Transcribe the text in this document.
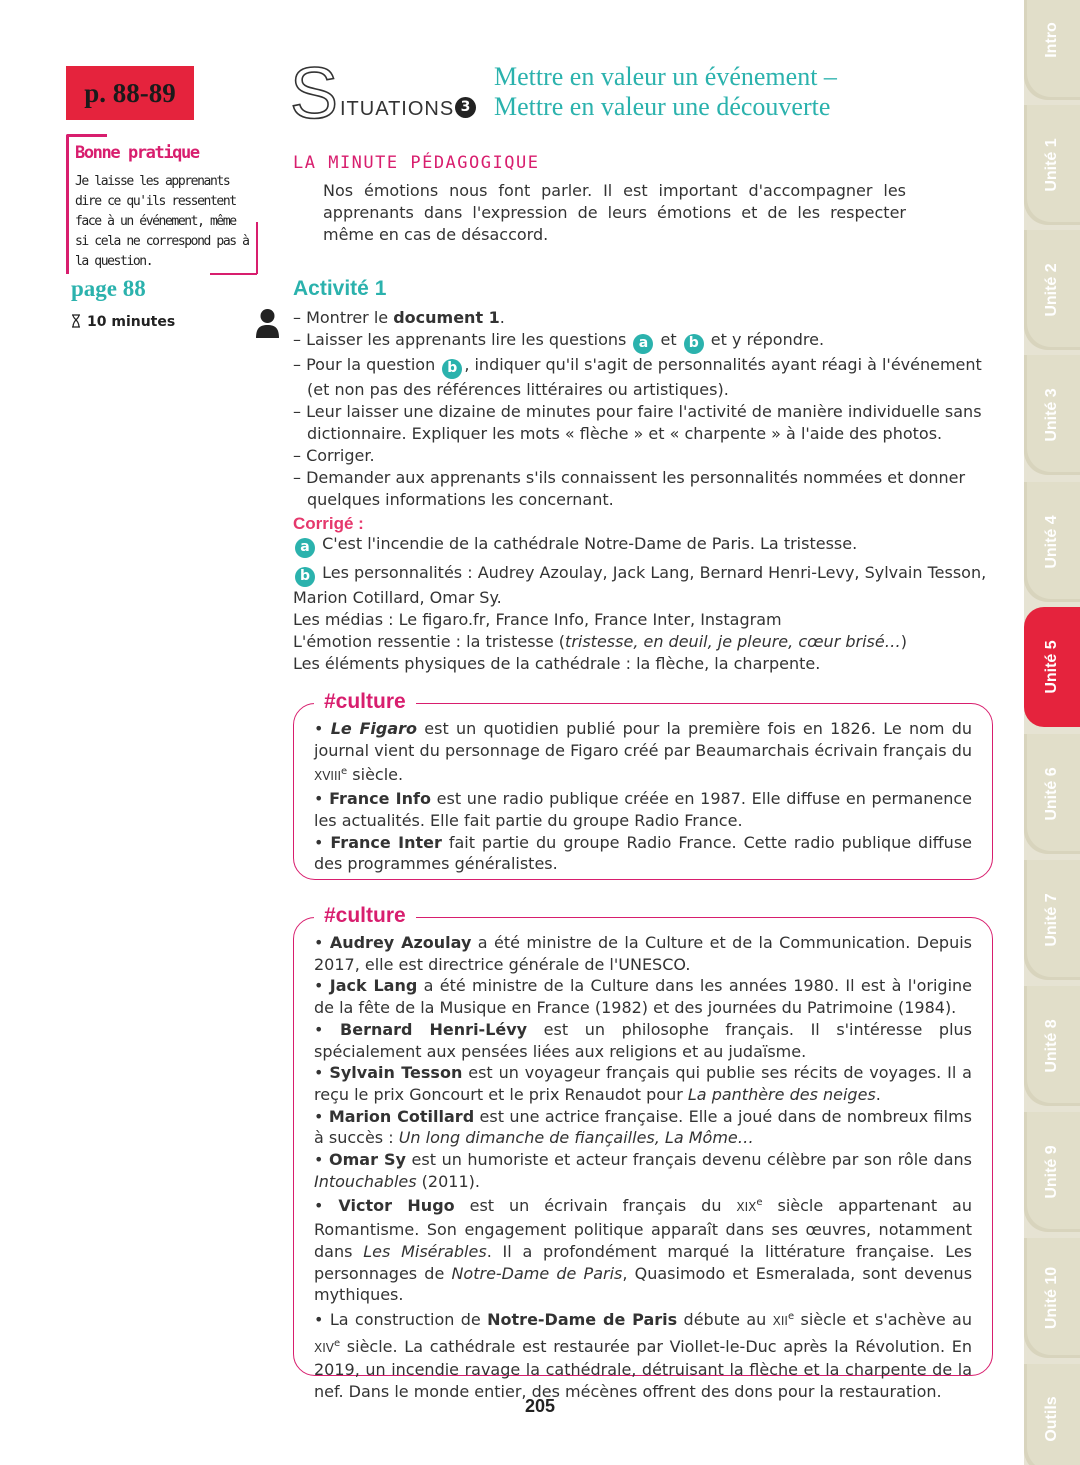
Intro
Unité 1
Unité 2
Unité 3
Unité 4
Unité 5
Unité 6
Unité 7
Unité 8
Unité 9
Unité 10
Outils
p. 88-89
Bonne pratique
Je laisse les apprenants dire ce qu'ils ressentent face à un événement, même si cela ne correspond pas à la question.
page 88
10 minutes
S ITUATIONS 3
Mettre en valeur un événement –
Mettre en valeur une découverte
LA MINUTE PÉDAGOGIQUE
Nos émotions nous font parler. Il est important d'accompagner les apprenants dans l'expression de leurs émotions et de les respecter même en cas de désaccord.
Activité 1
– Montrer le document 1.
– Laisser les apprenants lire les questions a et b et y répondre.
– Pour la question b , indiquer qu'il s'agit de personnalités ayant réagi à l'événement (et non pas des références littéraires ou artistiques).
– Leur laisser une dizaine de minutes pour faire l'activité de manière individuelle sans dictionnaire. Expliquer les mots « flèche » et « charpente » à l'aide des photos.
– Corriger.
– Demander aux apprenants s'ils connaissent les personnalités nommées et donner quelques informations les concernant.
Corrigé :

a C'est l'incendie de la cathédrale Notre-Dame de Paris. La tristesse.

b Les personnalités : Audrey Azoulay, Jack Lang, Bernard Henri-Levy, Sylvain Tesson, Marion Cotillard, Omar Sy.

Les médias : Le figaro.fr, France Info, France Inter, Instagram

L'émotion ressentie : la tristesse (tristesse, en deuil, je pleure, cœur brisé…)

Les éléments physiques de la cathédrale : la flèche, la charpente.

#culture

• Le Figaro est un quotidien publié pour la première fois en 1826. Le nom du journal vient du personnage de Figaro créé par Beaumarchais écrivain français du XVIIIe siècle.

• France Info est une radio publique créée en 1987. Elle diffuse en permanence les actualités. Elle fait partie du groupe Radio France.

• France Inter fait partie du groupe Radio France. Cette radio publique diffuse des programmes généralistes.

#culture

• Audrey Azoulay a été ministre de la Culture et de la Communication. Depuis 2017, elle est directrice générale de l'UNESCO.

• Jack Lang a été ministre de la Culture dans les années 1980. Il est à l'origine de la fête de la Musique en France (1982) et des journées du Patrimoine (1984).

• Bernard Henri-Lévy est un philosophe français. Il s'intéresse plus spécialement aux pensées liées aux religions et au judaïsme.

• Sylvain Tesson est un voyageur français qui publie ses récits de voyages. Il a reçu le prix Goncourt et le prix Renaudot pour La panthère des neiges.

• Marion Cotillard est une actrice française. Elle a joué dans de nombreux films à succès : Un long dimanche de fiançailles, La Môme…

• Omar Sy est un humoriste et acteur français devenu célèbre par son rôle dans Intouchables (2011).

• Victor Hugo est un écrivain français du XIXe siècle appartenant au Romantisme. Son engagement politique apparaît dans ses œuvres, notamment dans Les Misérables. Il a profondément marqué la littérature française. Les personnages de Notre-Dame de Paris, Quasimodo et Esmeralada, sont devenus mythiques.

• La construction de Notre-Dame de Paris débute au XIIe siècle et s'achève au XIVe siècle. La cathédrale est restaurée par Viollet-le-Duc après la Révolution. En 2019, un incendie ravage la cathédrale, détruisant la flèche et la charpente de la nef. Dans le monde entier, des mécènes offrent des dons pour la restauration.

205
